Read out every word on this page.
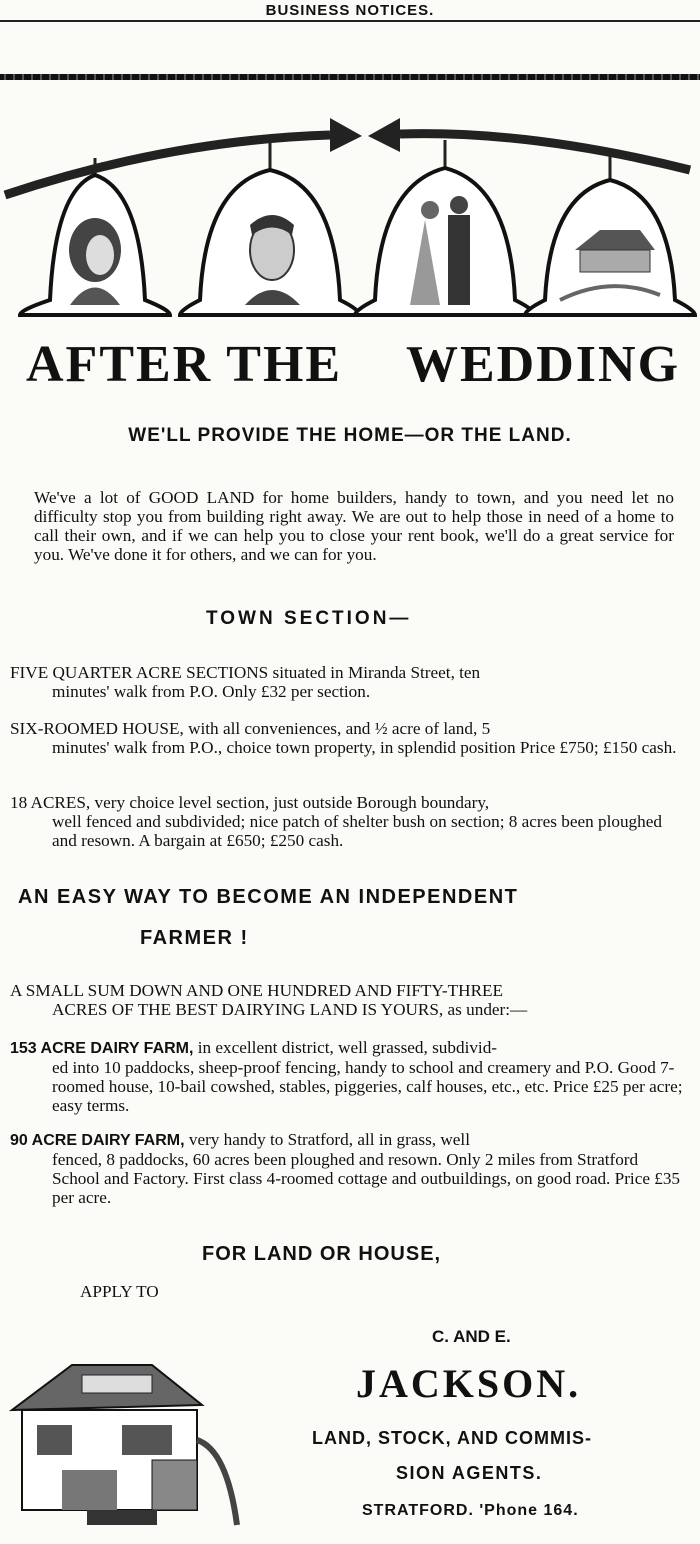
BUSINESS NOTICES.
AFTER THE WEDDING
WE'LL PROVIDE THE HOME—OR THE LAND.
We've a lot of GOOD LAND for home builders, handy to town, and you need let no difficulty stop you from building right away. We are out to help those in need of a home to call their own, and if we can help you to close your rent book, we'll do a great service for you. We've done it for others, and we can for you.
TOWN SECTION—
FIVE QUARTER ACRE SECTIONS situated in Miranda Street, ten
minutes' walk from P.O. Only £32 per section.
SIX-ROOMED HOUSE, with all conveniences, and ½ acre of land, 5
minutes' walk from P.O., choice town property, in splendid position Price £750; £150 cash.
18 ACRES, very choice level section, just outside Borough boundary,
well fenced and subdivided; nice patch of shelter bush on section; 8 acres been ploughed and resown. A bargain at £650; £250 cash.
AN EASY WAY TO BECOME AN INDEPENDENT
FARMER !
A SMALL SUM DOWN AND ONE HUNDRED AND FIFTY-THREE
ACRES OF THE BEST DAIRYING LAND IS YOURS, as under:—
153 ACRE DAIRY FARM, in excellent district, well grassed, subdivid-
ed into 10 paddocks, sheep-proof fencing, handy to school and creamery and P.O. Good 7-roomed house, 10-bail cowshed, stables, piggeries, calf houses, etc., etc. Price £25 per acre; easy terms.
90 ACRE DAIRY FARM, very handy to Stratford, all in grass, well
fenced, 8 paddocks, 60 acres been ploughed and resown. Only 2 miles from Stratford School and Factory. First class 4-roomed cottage and outbuildings, on good road. Price £35 per acre.
FOR LAND OR HOUSE,
APPLY TO
C. AND E.
JACKSON.
LAND, STOCK, AND COMMIS-
SION AGENTS.
STRATFORD. 'Phone 164.
